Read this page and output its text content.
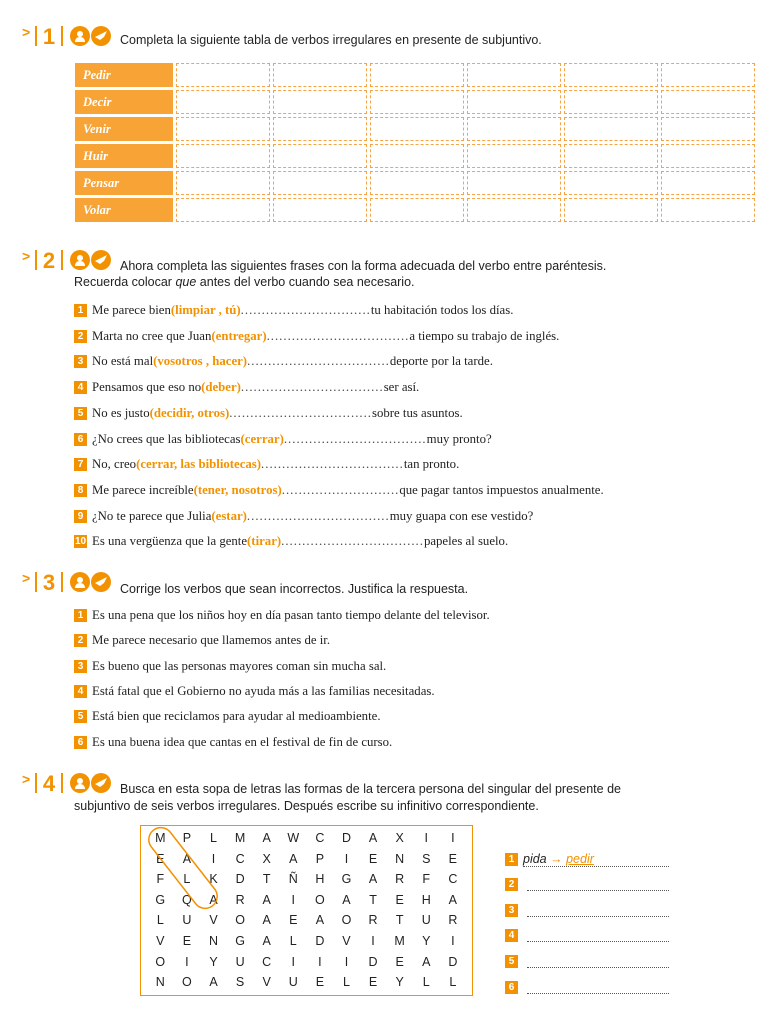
> 1	Completa la siguiente tabla de verbos irregulares en presente de subjuntivo.
Pedir						
Decir						
Venir						
Huir						
Pensar						
Volar						
> 2	Ahora completa las siguientes frases con la forma adecuada del verbo entre paréntesis.
Recuerda colocar que antes del verbo cuando sea necesario.
1 Me parece bien (limpiar , tú) ............................... tu habitación todos los días.
2 Marta no cree que Juan (entregar) .................................. a tiempo su trabajo de inglés.
3 No está mal (vosotros , hacer) .................................. deporte por la tarde.
4 Pensamos que eso no (deber) .................................. ser así.
5 No es justo (decidir, otros) .................................. sobre tus asuntos.
6 ¿No crees que las bibliotecas (cerrar) .................................. muy pronto?
7 No, creo (cerrar, las bibliotecas) .................................. tan pronto.
8 Me parece increíble (tener, nosotros) ............................ que pagar tantos impuestos anualmente.
9 ¿No te parece que Julia (estar) .................................. muy guapa con ese vestido?
10 Es una vergüenza que la gente (tirar) .................................. papeles al suelo.
> 3	Corrige los verbos que sean incorrectos. Justifica la respuesta.
1 Es una pena que los niños hoy en día pasan tanto tiempo delante del televisor.
2 Me parece necesario que llamemos antes de ir.
3 Es bueno que las personas mayores coman sin mucha sal.
4 Está fatal que el Gobierno no ayuda más a las familias necesitadas.
5 Está bien que reciclamos para ayudar al medioambiente.
6 Es una buena idea que cantas en el festival de fin de curso.
> 4	Busca en esta sopa de letras las formas de la tercera persona del singular del presente de
subjuntivo de seis verbos irregulares. Después escribe su infinitivo correspondiente.
M	P	L	M	A	W	C	D	A	X	I	I
E	A	I	C	X	A	P	I	E	N	S	E
F	L	K	D	T	Ñ	H	G	A	R	F	C
G	Q	A	R	A	I	O	A	T	E	H	A
L	U	V	O	A	E	A	O	R	T	U	R
V	E	N	G	A	L	D	V	I	M	Y	I
O	I	Y	U	C	I	I	I	D	E	A	D
N	O	A	S	V	U	E	L	E	Y	L	L
1 pida → pedir
2
3
4
5
6
